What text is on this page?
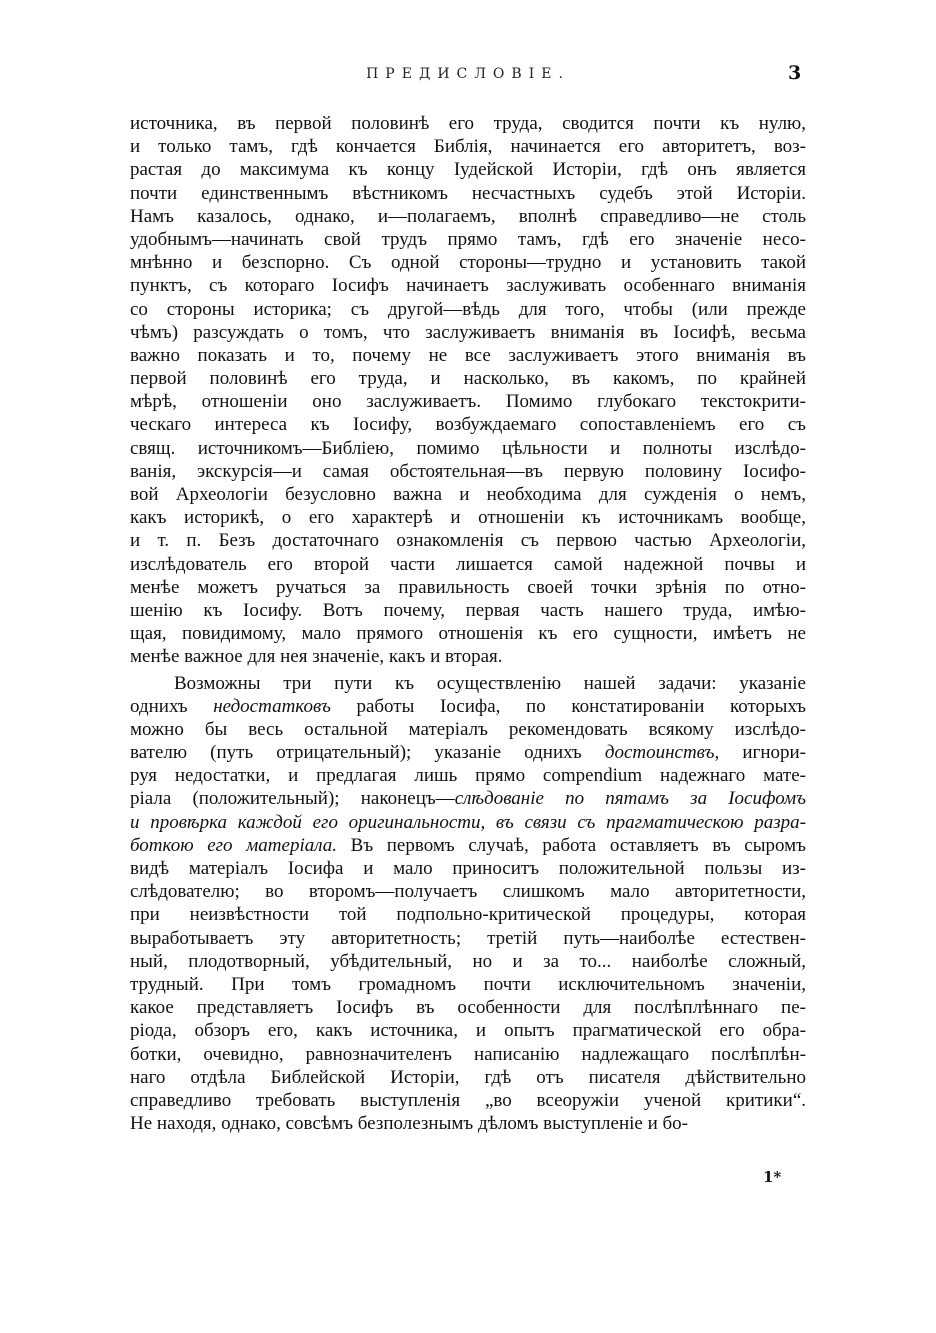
ПРЕДИСЛОВІЕ.	3
источника, въ первой половинѣ его труда, сводится почти къ нулю,
и только тамъ, гдѣ кончается Библія, начинается его авторитетъ, воз-
растая до максимума къ концу Іудейской Исторіи, гдѣ онъ является
почти единственнымъ вѣстникомъ несчастныхъ судебъ этой Исторіи.
Намъ казалось, однако, и—полагаемъ, вполнѣ справедливо—не столь
удобнымъ—начинать свой трудъ прямо тамъ, гдѣ его значеніе несо-
мнѣнно и безспорно. Съ одной стороны—трудно и установить такой
пунктъ, съ котораго Іосифъ начинаетъ заслуживать особеннаго вниманія
со стороны историка; съ другой—вѣдь для того, чтобы (или прежде
чѣмъ) разсуждать о томъ, что заслуживаетъ вниманія въ Іосифѣ, весьма
важно показать и то, почему не все заслуживаетъ этого вниманія въ
первой половинѣ его труда, и насколько, въ какомъ, по крайней
мѣрѣ, отношеніи оно заслуживаетъ. Помимо глубокаго текстокрити-
ческаго интереса къ Іосифу, возбуждаемаго сопоставленіемъ его съ
свящ. источникомъ—Библіею, помимо цѣльности и полноты изслѣдо-
ванія, экскурсія—и самая обстоятельная—въ первую половину Іосифо-
вой Археологіи безусловно важна и необходима для сужденія о немъ,
какъ историкѣ, о его характерѣ и отношеніи къ источникамъ вообще,
и т. п. Безъ достаточнаго ознакомленія съ первою частью Археологіи,
изслѣдователь его второй части лишается самой надежной почвы и
менѣе можетъ ручаться за правильность своей точки зрѣнія по отно-
шенію къ Іосифу. Вотъ почему, первая часть нашего труда, имѣю-
щая, повидимому, мало прямого отношенія къ его сущности, имѣетъ не
менѣе важное для нея значеніе, какъ и вторая.
Возможны три пути къ осуществленію нашей задачи: указаніе
однихъ недостатковъ работы Іосифа, по констатированіи которыхъ
можно бы весь остальной матеріалъ рекомендовать всякому изслѣдо-
вателю (путь отрицательный); указаніе однихъ достоинствъ, игнори-
руя недостатки, и предлагая лишь прямо compendium надежнаго мате-
ріала (положительный); наконецъ—слѣдованіе по пятамъ за Іосифомъ
и провѣрка каждой его оригинальности, въ связи съ прагматическою разра-
боткою его матеріала. Въ первомъ случаѣ, работа оставляетъ въ сыромъ
видѣ матеріалъ Іосифа и мало приноситъ положительной пользы из-
слѣдователю; во второмъ—получаетъ слишкомъ мало авторитетности,
при неизвѣстности той подпольно-критической процедуры, которая
выработываетъ эту авторитетность; третій путь—наиболѣе естествен-
ный, плодотворный, убѣдительный, но и за то... наиболѣе сложный,
трудный. При томъ громадномъ почти исключительномъ значеніи,
какое представляетъ Іосифъ въ особенности для послѣплѣннаго пе-
ріода, обзоръ его, какъ источника, и опытъ прагматической его обра-
ботки, очевидно, равнозначителенъ написанію надлежащаго послѣплѣн-
наго отдѣла Библейской Исторіи, гдѣ отъ писателя дѣйствительно
справедливо требовать выступленія „во всеоружіи ученой критики“.
Не находя, однако, совсѣмъ безполезнымъ дѣломъ выступленіе и бо-
1*
